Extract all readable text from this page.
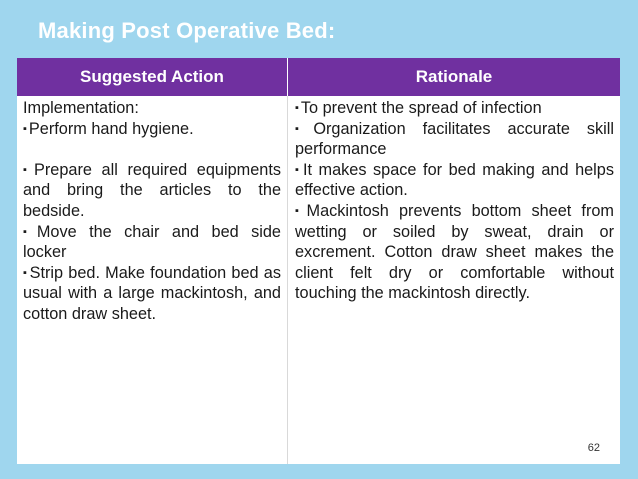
Making Post Operative Bed:
Suggested Action	Rationale

Implementation:

▪ Perform hand hygiene.

▪ Prepare all required equipments and bring the articles to the bedside.

▪ Move the chair and bed side locker

▪ Strip bed. Make foundation bed as usual with a large mackintosh, and cotton draw sheet.

▪ To prevent the spread of infection

▪ Organization facilitates accurate skill performance

▪ It makes space for bed making and helps effective action.

▪ Mackintosh prevents bottom sheet from wetting or soiled by sweat, drain or excrement. Cotton draw sheet makes the client felt dry or comfortable without touching the mackintosh directly.

62
